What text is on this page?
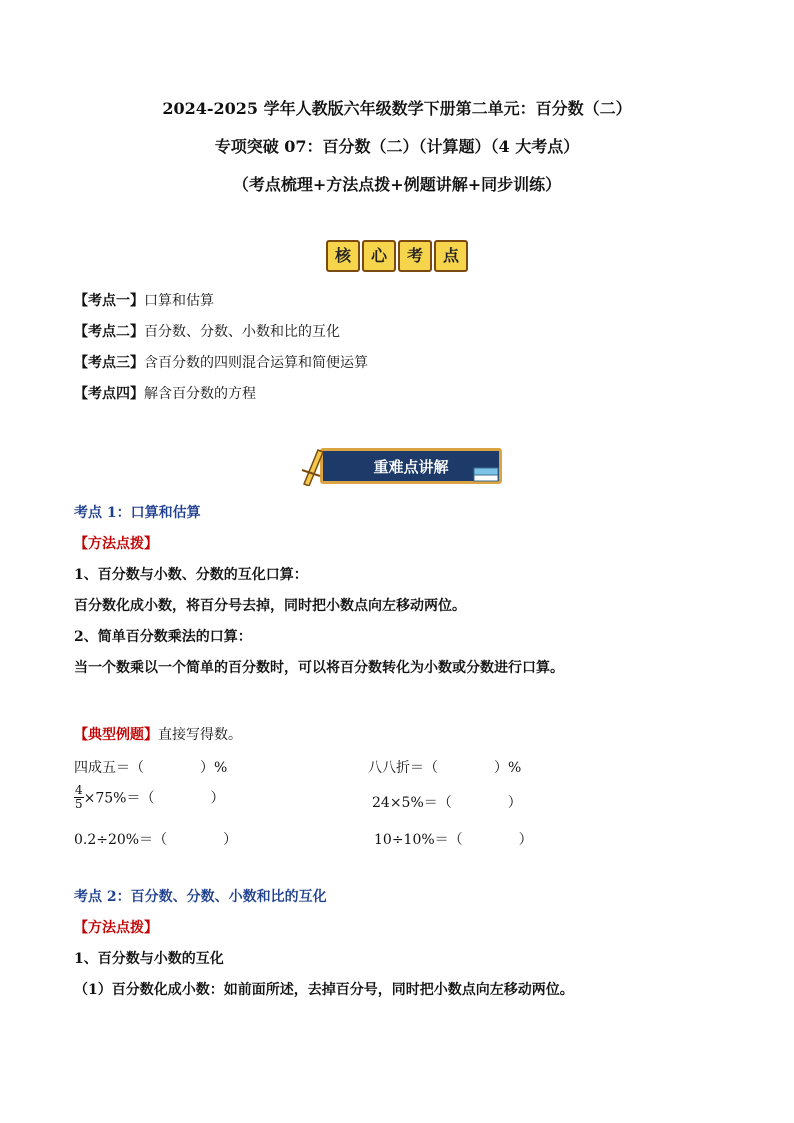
2024-2025 学年人教版六年级数学下册第二单元：百分数（二）
专项突破 07：百分数（二）（计算题）（4 大考点）
（考点梳理+方法点拨+例题讲解+同步训练）
核	心	考	点
【考点一】口算和估算
【考点二】百分数、分数、小数和比的互化
【考点三】含百分数的四则混合运算和简便运算
【考点四】解含百分数的方程
重难点讲解
考点 1：口算和估算
【方法点拨】
1、百分数与小数、分数的互化口算：
百分数化成小数，将百分号去掉，同时把小数点向左移动两位。
2、简单百分数乘法的口算：
当一个数乘以一个简单的百分数时，可以将百分数转化为小数或分数进行口算。
【典型例题】直接写得数。
四成五＝（　　　　）%	八八折＝（　　　　）%
$\frac{4}{5} \times 75\%=$（　　　　）	24×5%＝（　　　　）
0.2÷20%＝（　　　　）	10÷10%＝（　　　　）
考点 2：百分数、分数、小数和比的互化
【方法点拨】
1、百分数与小数的互化
（1）百分数化成小数：如前面所述，去掉百分号，同时把小数点向左移动两位。
